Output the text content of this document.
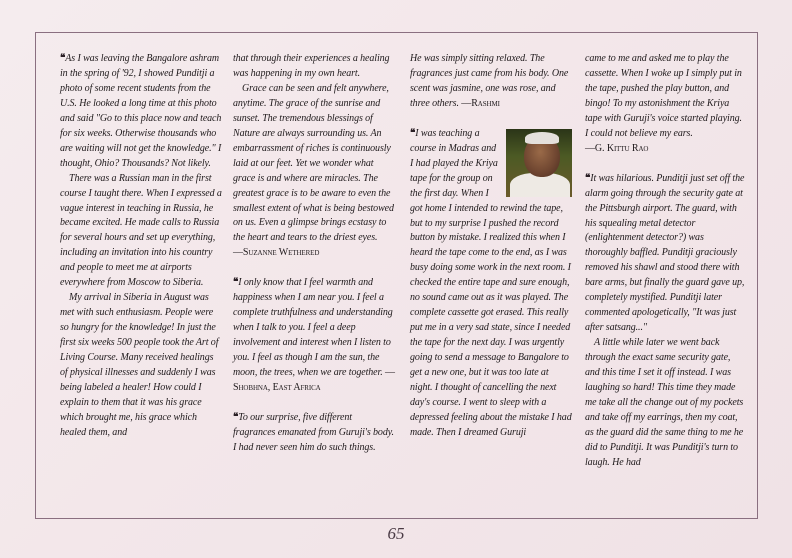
❝As I was leaving the Bangalore ashram in the spring of '92, I showed Punditji a photo of some recent students from the U.S. He looked a long time at this photo and said "Go to this place now and teach for six weeks. Otherwise thousands who are waiting will not get the knowledge." I thought, Ohio? Thousands? Not likely.

There was a Russian man in the first course I taught there. When I expressed a vague interest in teaching in Russia, he became excited. He made calls to Russia for several hours and set up everything, including an invitation into his country and people to meet me at airports everywhere from Moscow to Siberia.

My arrival in Siberia in August was met with such enthusiasm. People were so hungry for the knowledge! In just the first six weeks 500 people took the Art of Living Course. Many received healings of physical illnesses and suddenly I was being labeled a healer! How could I explain to them that it was his grace which brought me, his grace which healed them, and

that through their experiences a healing was happening in my own heart.

Grace can be seen and felt anywhere, anytime. The grace of the sunrise and sunset. The tremendous blessings of Nature are always surrounding us. An embarrassment of riches is continuously laid at our feet. Yet we wonder what grace is and where are miracles. The greatest grace is to be aware to even the smallest extent of what is being bestowed on us. Even a glimpse brings ecstasy to the heart and tears to the driest eyes.

—Suzanne Wethered

❝I only know that I feel warmth and happiness when I am near you. I feel a complete truthfulness and understanding when I talk to you. I feel a deep involvement and interest when I listen to you. I feel as though I am the sun, the moon, the trees, when we are together. —Shobhna, East Africa

❝To our surprise, five different fragrances emanated from Guruji's body. I had never seen him do such things.

He was simply sitting relaxed. The fragrances just came from his body. One scent was jasmine, one was rose, and three others. —Rashmi

❝I was teaching a course in Madras and I had played the Kriya tape for the group on the first day. When I got home I intended to rewind the tape, but to my surprise I pushed the record button by mistake. I realized this when I heard the tape come to the end, as I was busy doing some work in the next room. I checked the entire tape and sure enough, no sound came out as it was played. The complete cassette got erased. This really put me in a very sad state, since I needed the tape for the next day. I was urgently going to send a message to Bangalore to get a new one, but it was too late at night. I thought of cancelling the next day's course. I went to sleep with a depressed feeling about the mistake I had made. Then I dreamed Guruji

came to me and asked me to play the cassette. When I woke up I simply put in the tape, pushed the play button, and bingo! To my astonishment the Kriya tape with Guruji's voice started playing. I could not believe my ears.

—G. Kittu Rao

❝It was hilarious. Punditji just set off the alarm going through the security gate at the Pittsburgh airport. The guard, with his squealing metal detector (enlightenment detector?) was thoroughly baffled. Punditji graciously removed his shawl and stood there with bare arms, but finally the guard gave up, completely mystified. Punditji later commented apologetically, "It was just after satsang..."

A little while later we went back through the exact same security gate, and this time I set it off instead. I was laughing so hard! This time they made me take all the change out of my pockets and take off my earrings, then my coat, as the guard did the same thing to me he did to Punditji. It was Punditji's turn to laugh. He had

65
